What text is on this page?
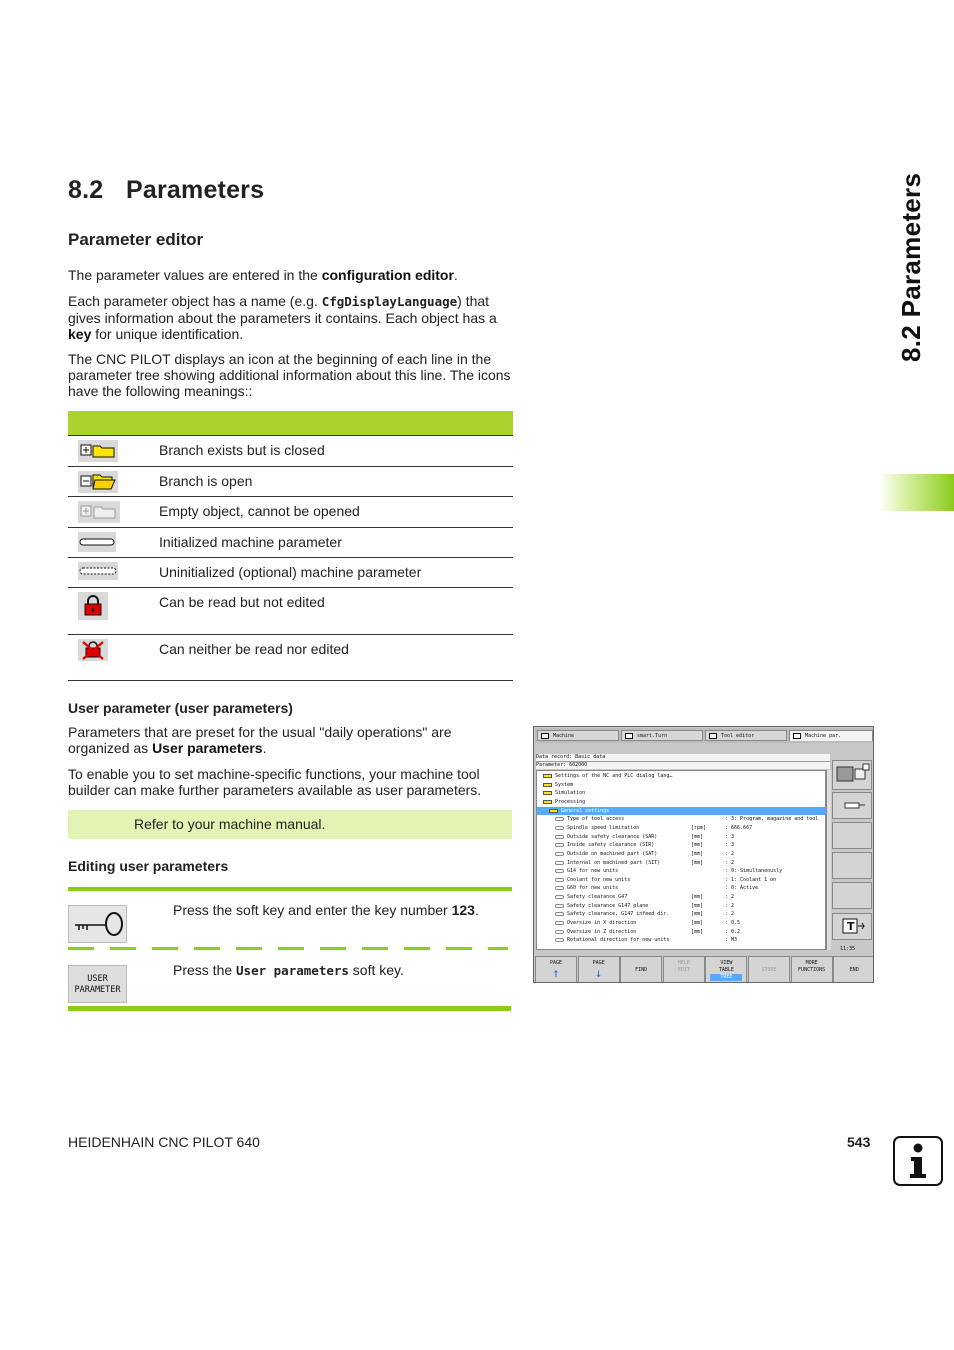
8.2 Parameters
Parameter editor	8.2 Parameters

The parameter values are entered in the configuration editor.

Each parameter object has a name (e.g. CfgDisplayLanguage) that gives information about the parameters it contains. Each object has a key for unique identification.

The CNC PILOT displays an icon at the beginning of each line in the parameter tree showing additional information about this line. The icons have the following meanings::

Branch exists but is closed
Branch is open
Empty object, cannot be opened
Initialized machine parameter
Uninitialized (optional) machine parameter
Can be read but not edited
Can neither be read nor edited
User parameter (user parameters)

Parameters that are preset for the usual "daily operations" are organized as User parameters.

To enable you to set machine-specific functions, your machine tool builder can make further parameters available as user parameters.

Refer to your machine manual.
Editing user parameters
Press the soft key and enter the key number 123.
USER
PARAMETER
Press the User parameters soft key.
Machine	smart.Turn	Tool editor	Machine par.
Data record: Basic data
Parameter: 602000
Settings of the NC and PLC dialog lang…
System
Simulation
Processing
General settings
Type of tool access	: 3: Program, magazine and tool
Spindle speed limitation	[rpm]	: 666.667
Outside safety clearance (SAR)	[mm]	: 3
Inside safety clearance (SIR)	[mm]	: 3
Outside on machined part (SAT)	[mm]	: 2
Internal on machined part (SIT)	[mm]	: 2
G14 for new units	: 0: Simultaneously
Coolant for new units	: 1: Coolant 1 on
G60 for new units	: 0: Active
Safety clearance G47	[mm]	: 2
Safety clearance G147 plane	[mm]	: 2
Safety clearance, G147 infeed dir.	[mm]	: 2
Oversize in X direction	[mm]	: 0.5
Oversize in Z direction	[mm]	: 0.2
Rotational direction for new units	: M3
T
11:35
PAGE
↑
PAGE
↓	FIND
HELP
EDIT
VIEW
TABLE
TREE
STORE
MORE
FUNCTIONS	END
HEIDENHAIN CNC PILOT 640	543
